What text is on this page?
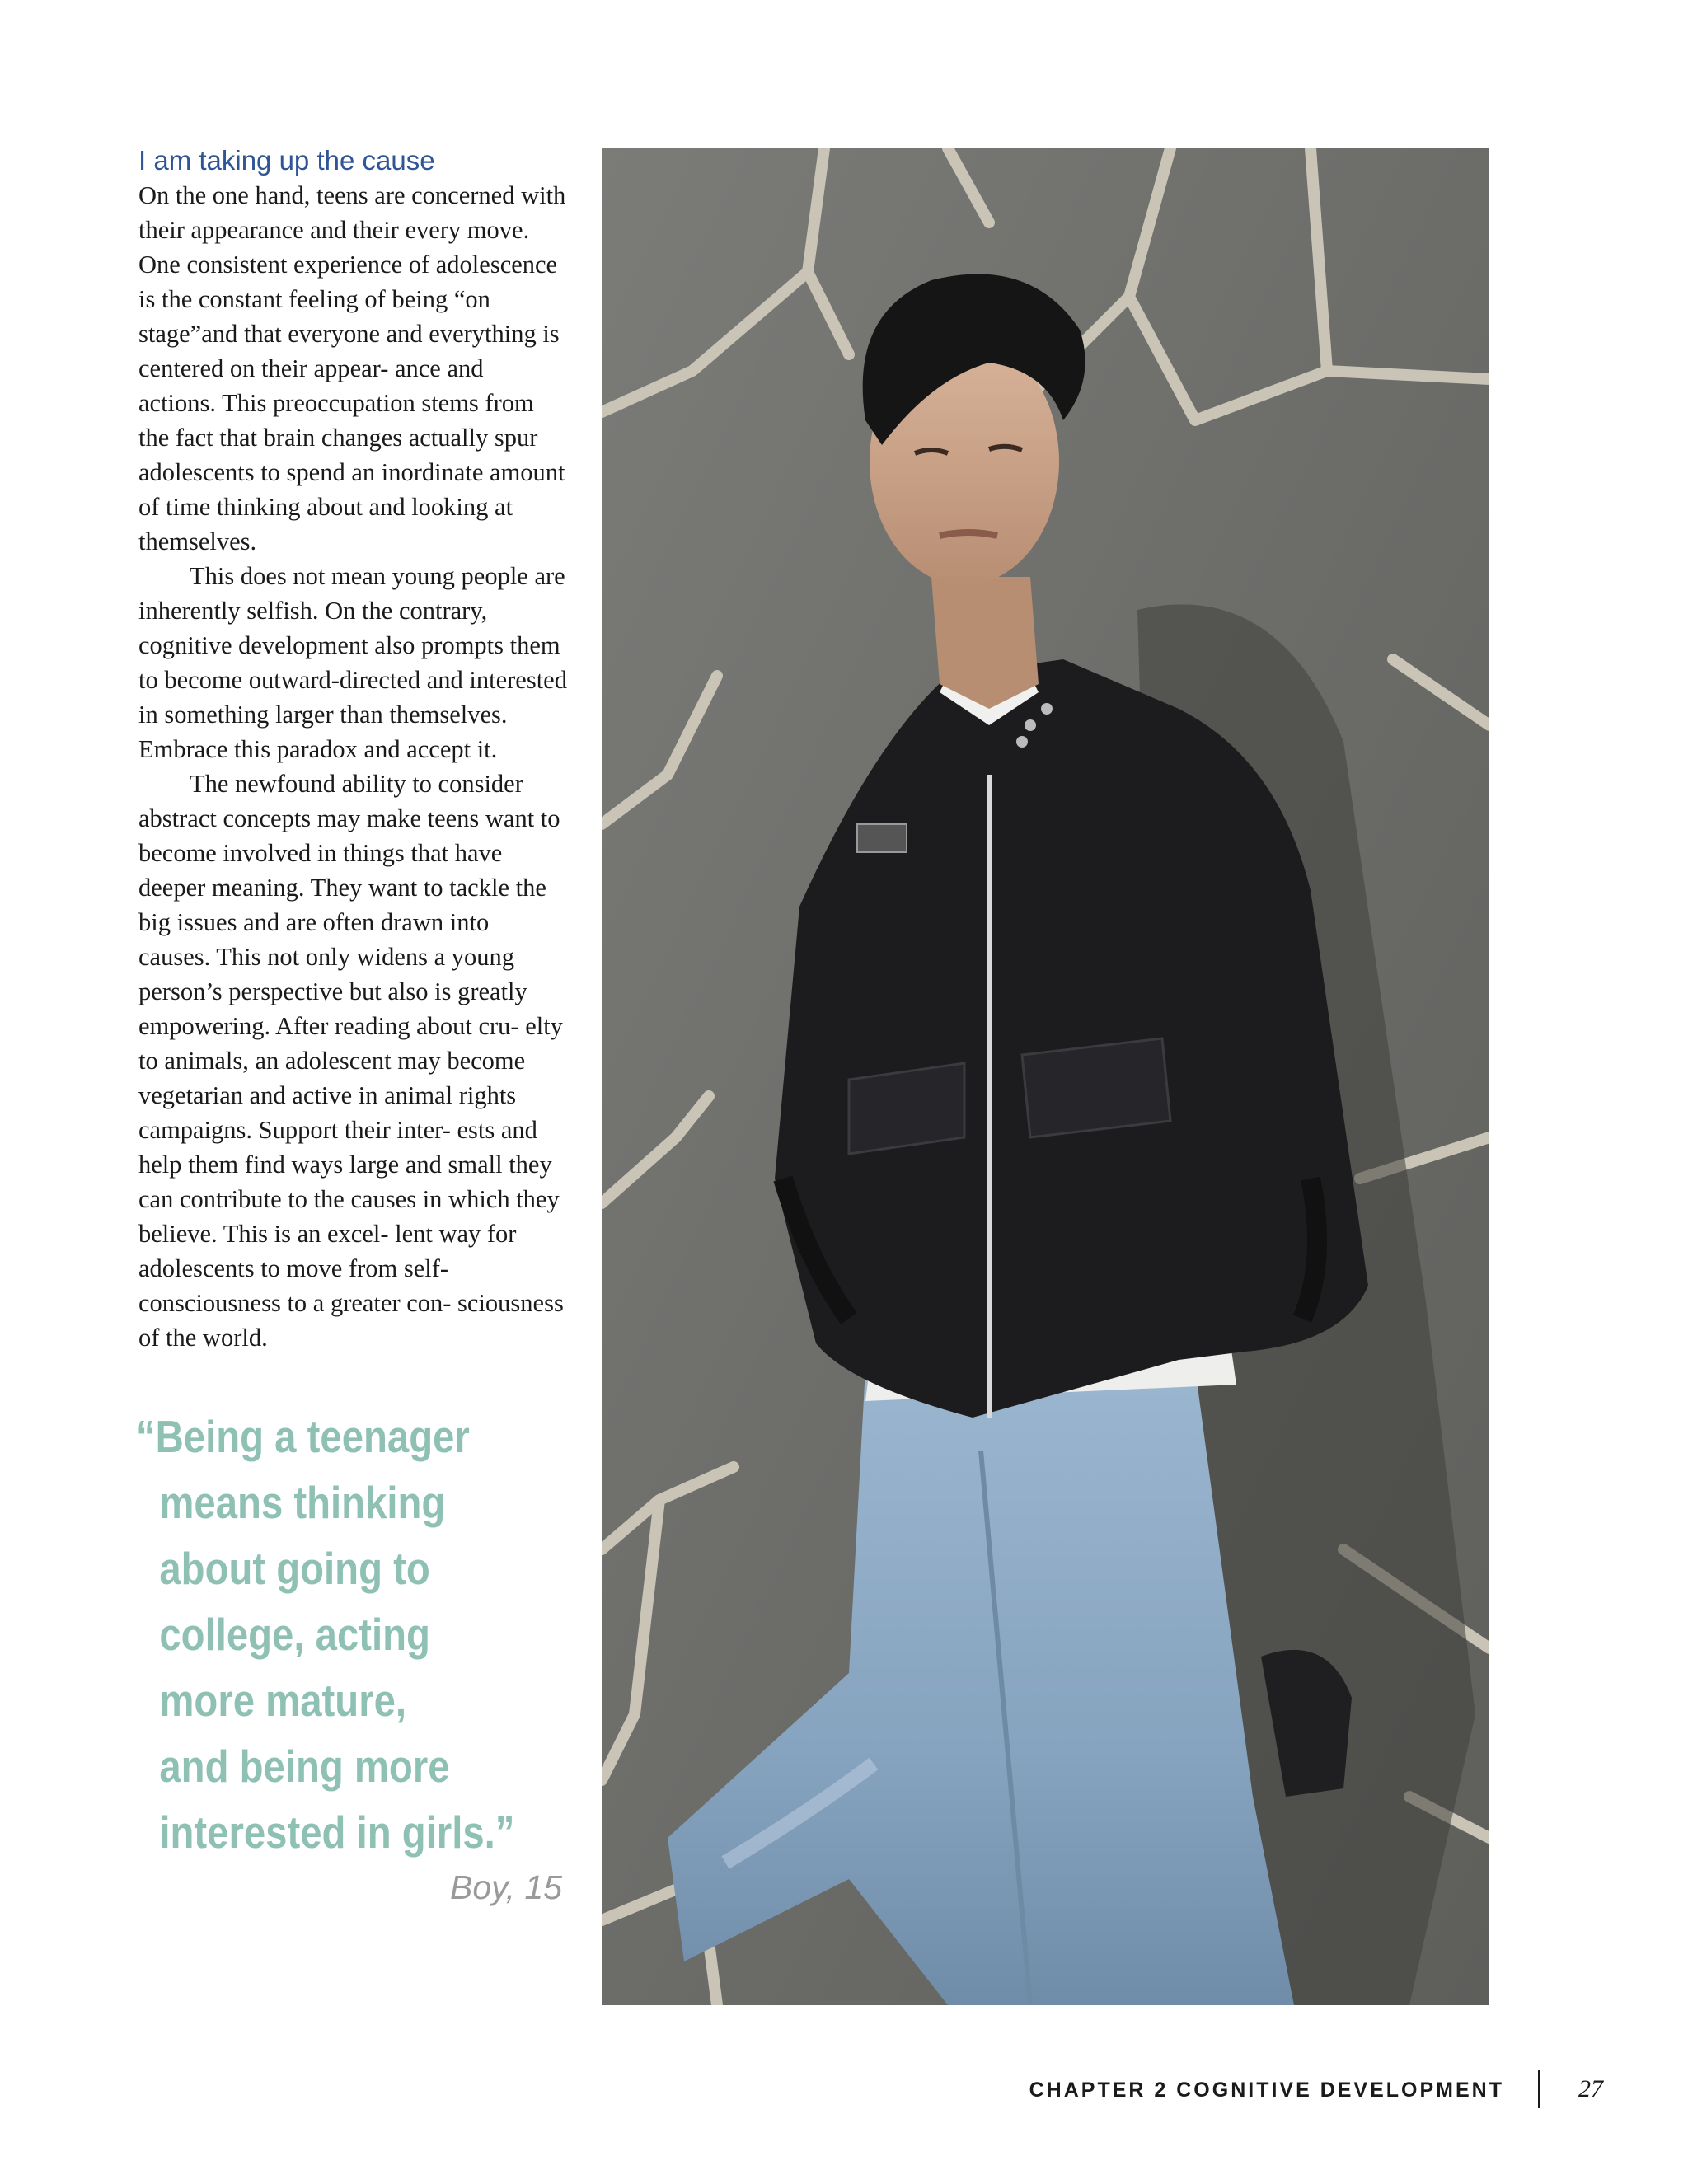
I am taking up the cause

On the one hand, teens are concerned with their appearance and their every move. One consistent experience of adolescence is the constant feeling of being “on stage”and that everyone and everything is centered on their appear- ance and actions. This preoccupation stems from the fact that brain changes actually spur adolescents to spend an inordinate amount of time thinking about and looking at themselves.

This does not mean young people are inherently selfish. On the contrary, cognitive development also prompts them to become outward-directed and interested in something larger than themselves. Embrace this paradox and accept it.

The newfound ability to consider abstract concepts may make teens want to become involved in things that have deeper meaning. They want to tackle the big issues and are often drawn into causes. This not only widens a young person’s perspective but also is greatly empowering. After reading about cru- elty to animals, an adolescent may become vegetarian and active in animal rights campaigns. Support their inter- ests and help them find ways large and small they can contribute to the causes in which they believe. This is an excel- lent way for adolescents to move from self-consciousness to a greater con- sciousness of the world.

“Being a teenager
means thinking
about going to
college, acting
more mature,
and being more
interested in girls.”
Boy, 15
CHAPTER 2 COGNITIVE DEVELOPMENT	27
